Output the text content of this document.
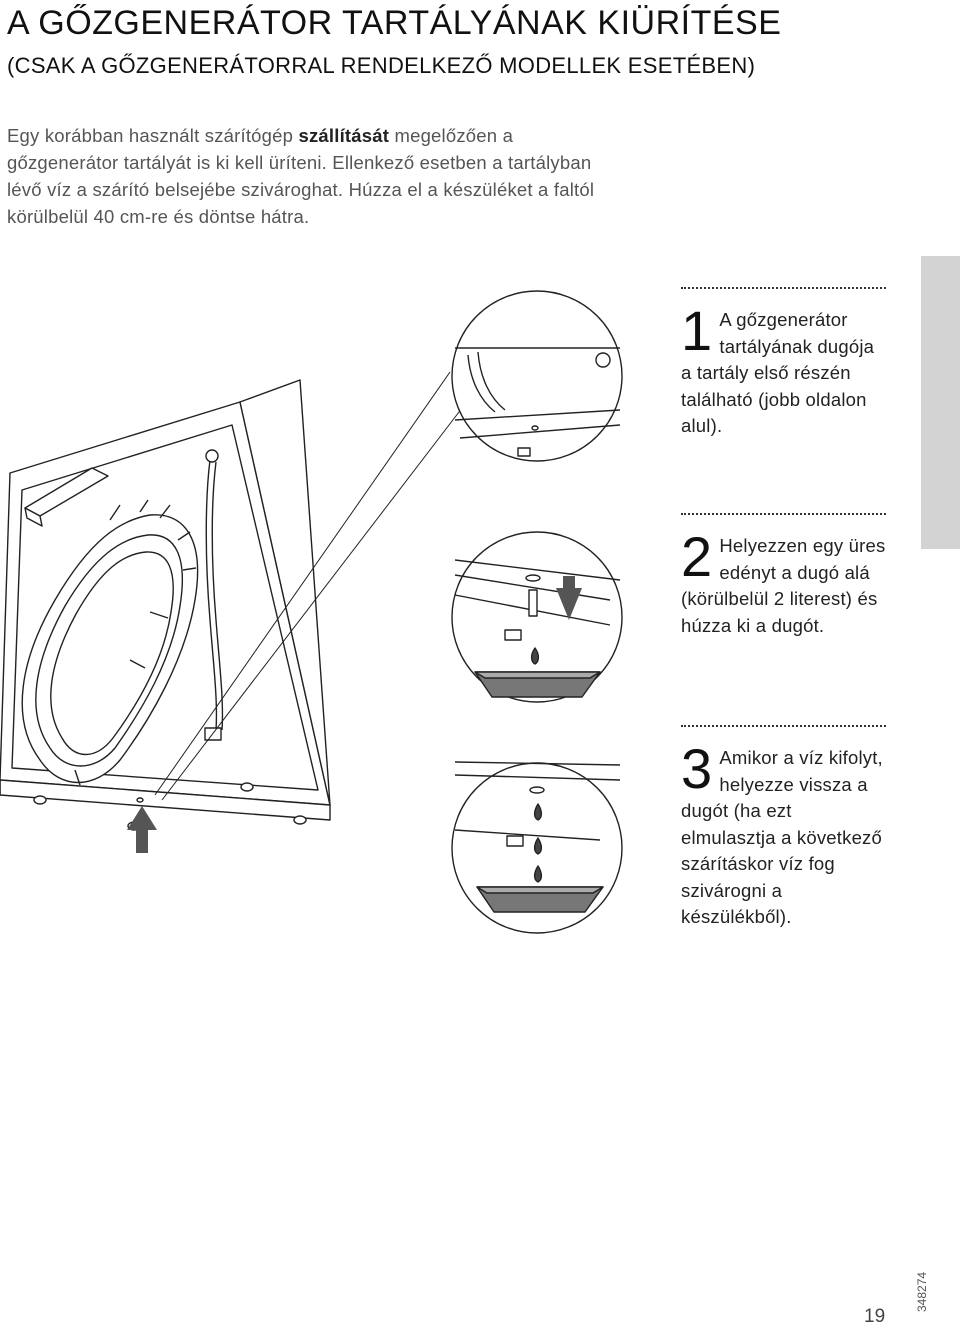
A GŐZGENERÁTOR TARTÁLYÁNAK KIÜRÍTÉSE
(CSAK A GŐZGENERÁTORRAL RENDELKEZŐ MODELLEK ESETÉBEN)

Egy korábban használt szárítógép szállítását megelőzően a gőzgenerátor tartályát is ki kell üríteni. Ellenkező esetben a tartályban lévő víz a szárító belsejébe szivároghat. Húzza el a készüléket a faltól körülbelül 40 cm-re és döntse hátra.

1 A gőzgenerátor tartályának dugója a tartály első részén található (jobb oldalon alul).
2 Helyezzen egy üres edényt a dugó alá (körülbelül 2 literest) és húzza ki a dugót.
3 Amikor a víz kifolyt, helyezze vissza a dugót (ha ezt elmulasztja a következő szárításkor víz fog szivárogni a készülékből).
19
348274
